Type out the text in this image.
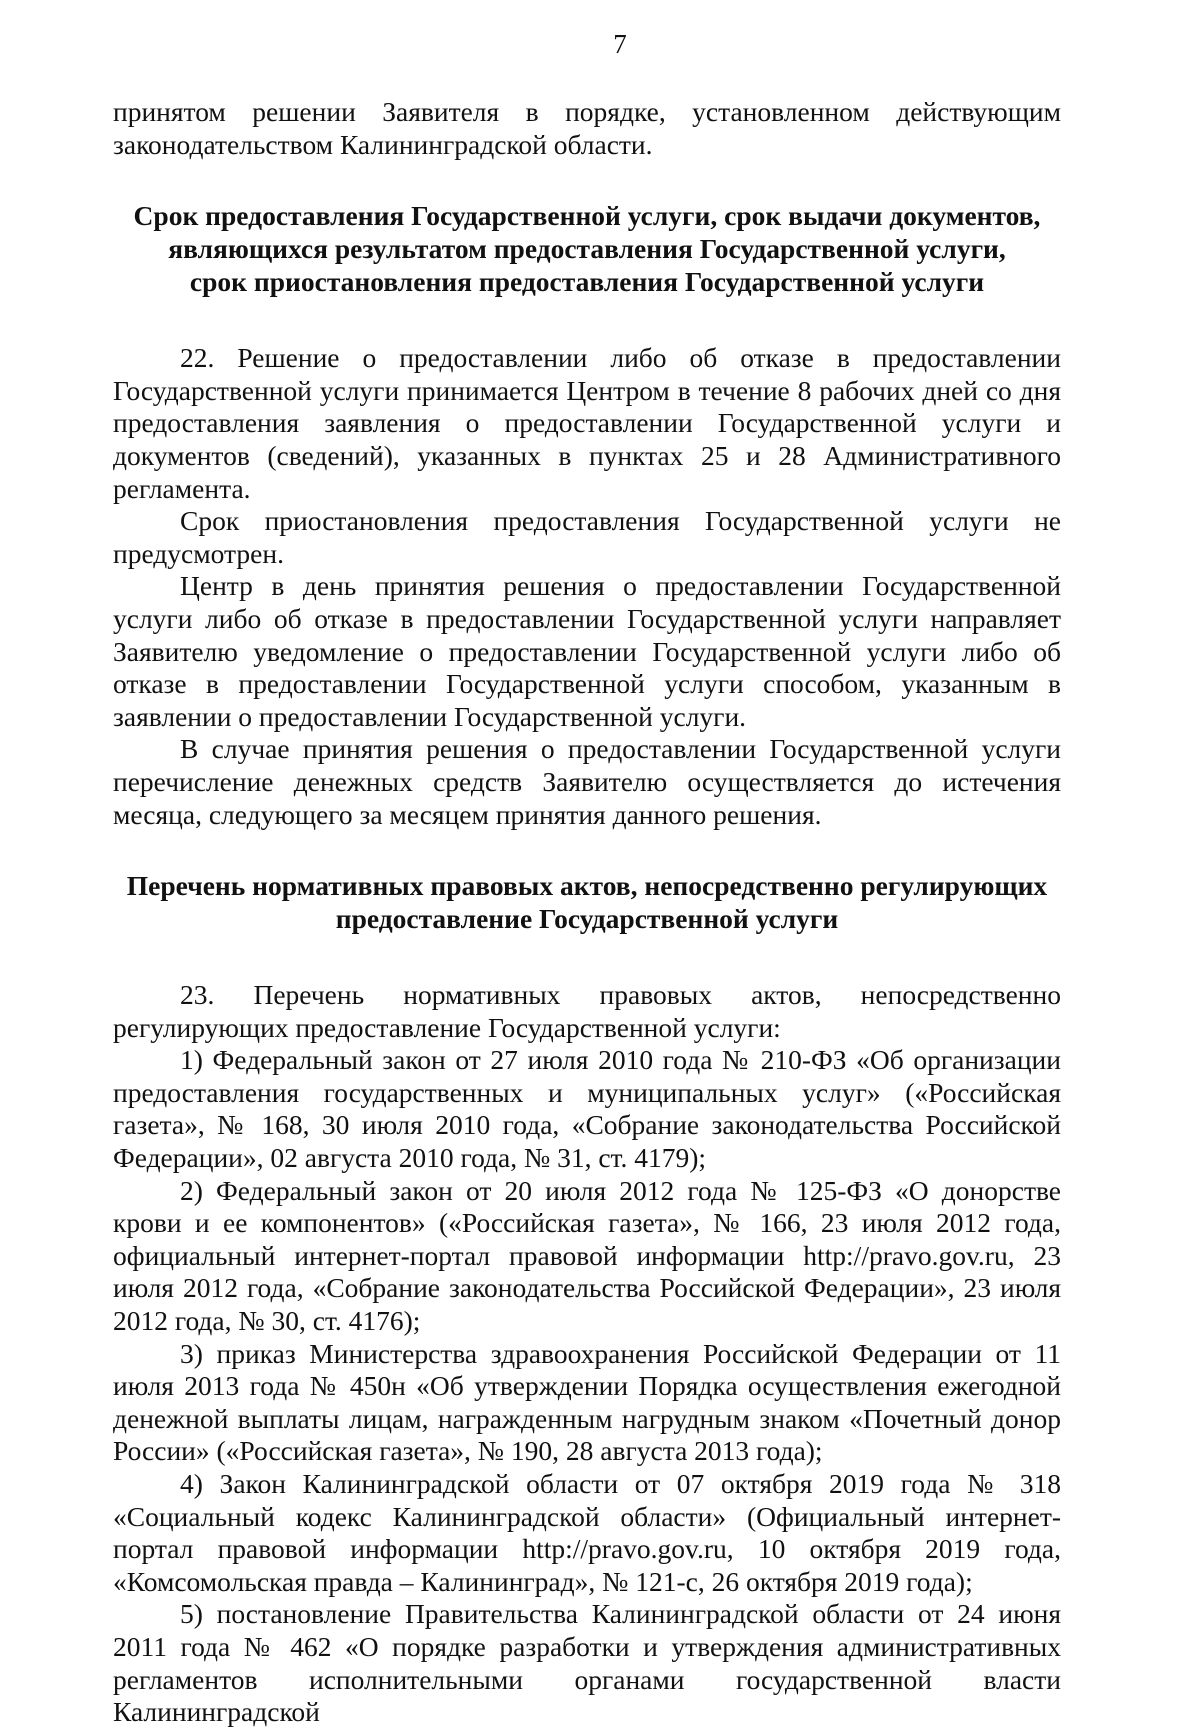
7

принятом решении Заявителя в порядке, установленном действующим законодательством Калининградской области.

Срок предоставления Государственной услуги, срок выдачи документов,

являющихся результатом предоставления Государственной услуги,

срок приостановления предоставления Государственной услуги

22. Решение о предоставлении либо об отказе в предоставлении Государственной услуги принимается Центром в течение 8 рабочих дней со дня предоставления заявления о предоставлении Государственной услуги и документов (сведений), указанных в пунктах 25 и 28 Административного регламента.

Срок приостановления предоставления Государственной услуги не предусмотрен.

Центр в день принятия решения о предоставлении Государственной услуги либо об отказе в предоставлении Государственной услуги направляет Заявителю уведомление о предоставлении Государственной услуги либо об отказе в предоставлении Государственной услуги способом, указанным в заявлении о предоставлении Государственной услуги.

В случае принятия решения о предоставлении Государственной услуги перечисление денежных средств Заявителю осуществляется до истечения месяца, следующего за месяцем принятия данного решения.

Перечень нормативных правовых актов, непосредственно регулирующих

предоставление Государственной услуги

23. Перечень нормативных правовых актов, непосредственно регулирующих предоставление Государственной услуги:

1) Федеральный закон от 27 июля 2010 года № 210-ФЗ «Об организации предоставления государственных и муниципальных услуг» («Российская газета», № 168, 30 июля 2010 года, «Собрание законодательства Российской Федерации», 02 августа 2010 года, № 31, ст. 4179);

2) Федеральный закон от 20 июля 2012 года № 125-ФЗ «О донорстве крови и ее компонентов» («Российская газета», № 166, 23 июля 2012 года, официальный интернет-портал правовой информации http://pravo.gov.ru, 23 июля 2012 года, «Собрание законодательства Российской Федерации», 23 июля 2012 года, № 30, ст. 4176);

3) приказ Министерства здравоохранения Российской Федерации от 11 июля 2013 года № 450н «Об утверждении Порядка осуществления ежегодной денежной выплаты лицам, награжденным нагрудным знаком «Почетный донор России» («Российская газета», № 190, 28 августа 2013 года);

4) Закон Калининградской области от 07 октября 2019 года № 318 «Социальный кодекс Калининградской области» (Официальный интернет-портал правовой информации http://pravo.gov.ru, 10 октября 2019 года, «Комсомольская правда – Калининград», № 121-с, 26 октября 2019 года);

5) постановление Правительства Калининградской области от 24 июня 2011 года № 462 «О порядке разработки и утверждения административных регламентов исполнительными органами государственной власти Калининградской
